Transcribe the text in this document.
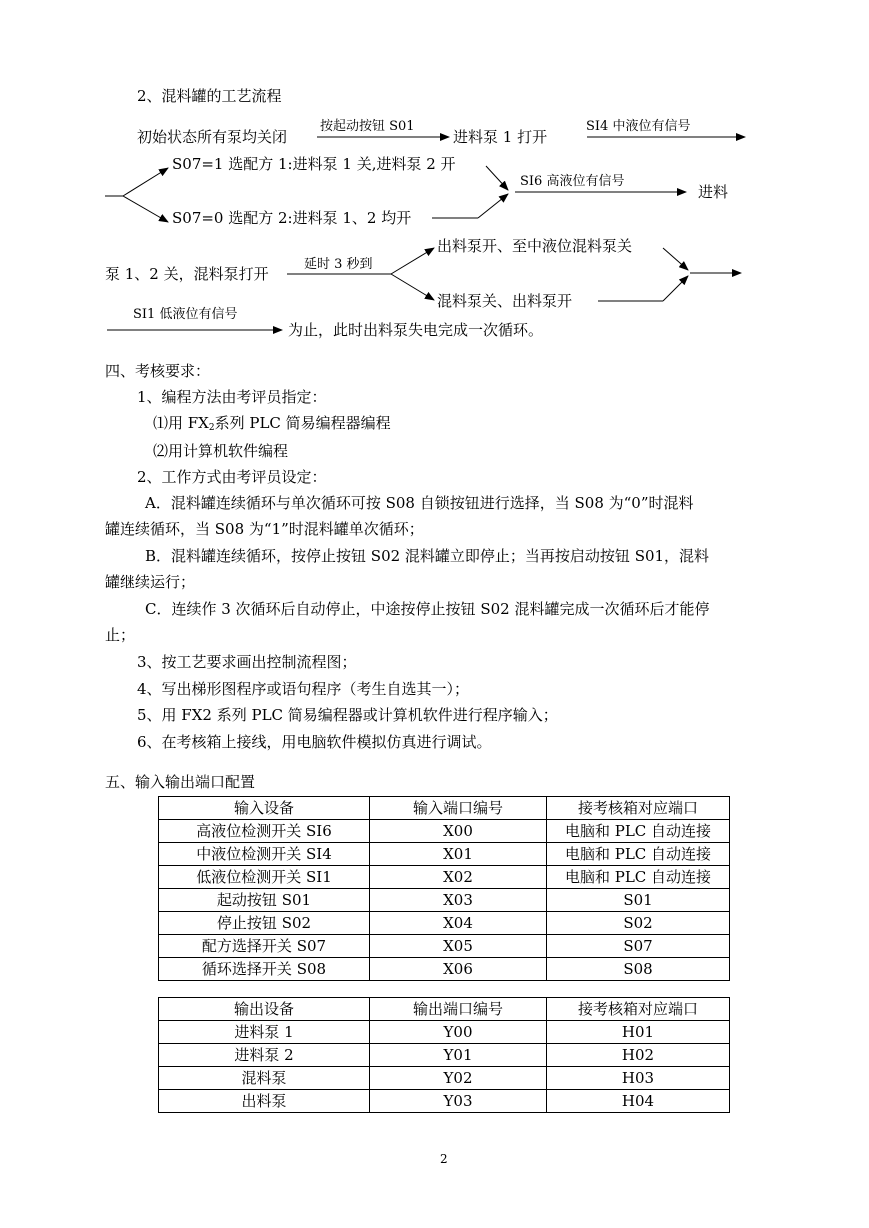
2、混料罐的工艺流程
初始状态所有泵均关闭
按起动按钮 S01
进料泵 1 打开
SI4 中液位有信号
S07=1 选配方 1:进料泵 1 关,进料泵 2 开
SI6 高液位有信号
进料
S07=0 选配方 2:进料泵 1、2 均开
出料泵开、至中液位混料泵关
泵 1、2 关，混料泵打开
延时 3 秒到
混料泵关、出料泵开
SI1 低液位有信号
为止，此时出料泵失电完成一次循环。
四、考核要求：
1、编程方法由考评员指定：
⑴用 $FX_2$系列 PLC 简易编程器编程
⑵用计算机软件编程
2、工作方式由考评员设定：
A．混料罐连续循环与单次循环可按 S08 自锁按钮进行选择，当 S08 为“0”时混料
罐连续循环，当 S08 为“1”时混料罐单次循环；
B．混料罐连续循环，按停止按钮 S02 混料罐立即停止；当再按启动按钮 S01，混料
罐继续运行；
C．连续作 3 次循环后自动停止，中途按停止按钮 S02 混料罐完成一次循环后才能停
止；
3、按工艺要求画出控制流程图；
4、写出梯形图程序或语句程序（考生自选其一）；
5、用 FX2 系列 PLC 简易编程器或计算机软件进行程序输入；
6、在考核箱上接线，用电脑软件模拟仿真进行调试。
五、输入输出端口配置
输入设备	输入端口编号	接考核箱对应端口
高液位检测开关 SI6	X00	电脑和 PLC 自动连接
中液位检测开关 SI4	X01	电脑和 PLC 自动连接
低液位检测开关 SI1	X02	电脑和 PLC 自动连接
起动按钮 S01	X03	S01
停止按钮 S02	X04	S02
配方选择开关 S07	X05	S07
循环选择开关 S08	X06	S08
输出设备	输出端口编号	接考核箱对应端口
进料泵 1	Y00	H01
进料泵 2	Y01	H02
混料泵	Y02	H03
出料泵	Y03	H04
2
